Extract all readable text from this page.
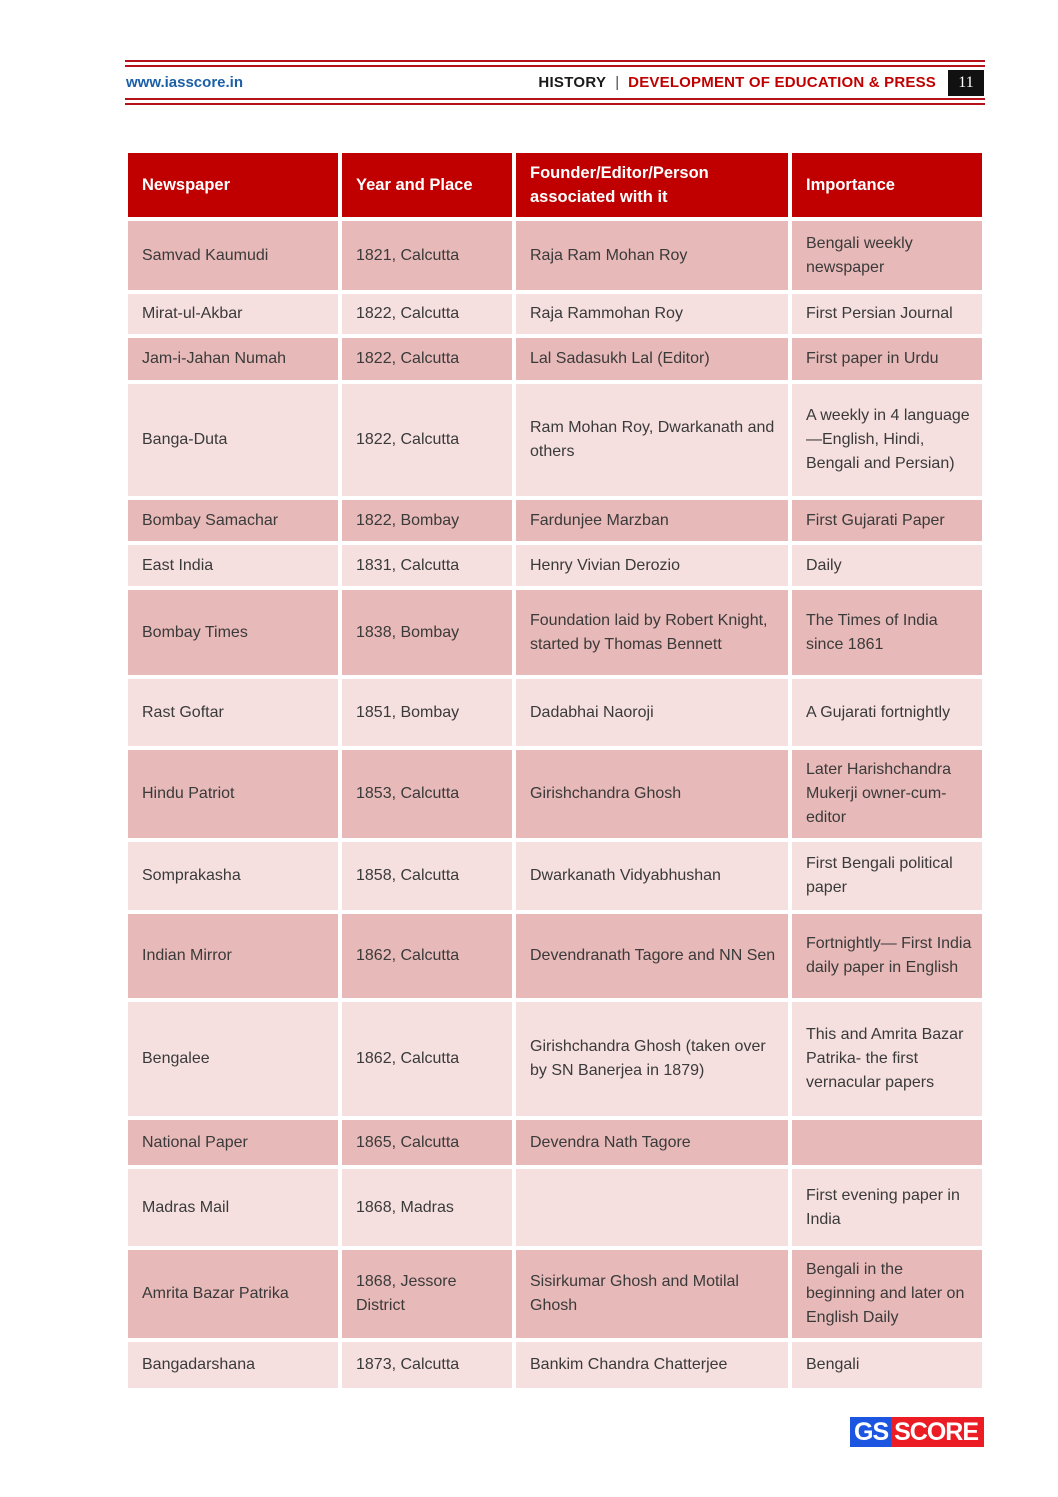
www.iasscore.in	HISTORY | DEVELOPMENT OF EDUCATION & PRESS	11
Newspaper	Year and Place	Founder/Editor/Person associated with it	Importance
Samvad Kaumudi	1821, Calcutta	Raja Ram Mohan Roy	Bengali weekly newspaper
Mirat-ul-Akbar	1822, Calcutta	Raja Rammohan Roy	First Persian Journal
Jam-i-Jahan Numah	1822, Calcutta	Lal Sadasukh Lal (Editor)	First paper in Urdu
Banga-Duta	1822, Calcutta	Ram Mohan Roy, Dwarkanath and others	A weekly in 4 language—English, Hindi, Bengali and Persian)
Bombay Samachar	1822, Bombay	Fardunjee Marzban	First Gujarati Paper
East India	1831, Calcutta	Henry Vivian Derozio	Daily
Bombay Times	1838, Bombay	Foundation laid by Robert Knight, started by Thomas Bennett	The Times of India since 1861
Rast Goftar	1851, Bombay	Dadabhai Naoroji	A Gujarati fortnightly
Hindu Patriot	1853, Calcutta	Girishchandra Ghosh	Later Harishchandra Mukerji owner-cum-editor
Somprakasha	1858, Calcutta	Dwarkanath Vidyabhushan	First Bengali political paper
Indian Mirror	1862, Calcutta	Devendranath Tagore and NN Sen	Fortnightly— First India daily paper in English
Bengalee	1862, Calcutta	Girishchandra Ghosh (taken over by SN Banerjea in 1879)	This and Amrita Bazar Patrika- the first vernacular papers
National Paper	1865, Calcutta	Devendra Nath Tagore	
Madras Mail	1868, Madras		First evening paper in India
Amrita Bazar Patrika	1868, Jessore District	Sisirkumar Ghosh and Motilal Ghosh	Bengali in the beginning and later on English Daily
Bangadarshana	1873, Calcutta	Bankim Chandra Chatterjee	Bengali
GS SCORE
